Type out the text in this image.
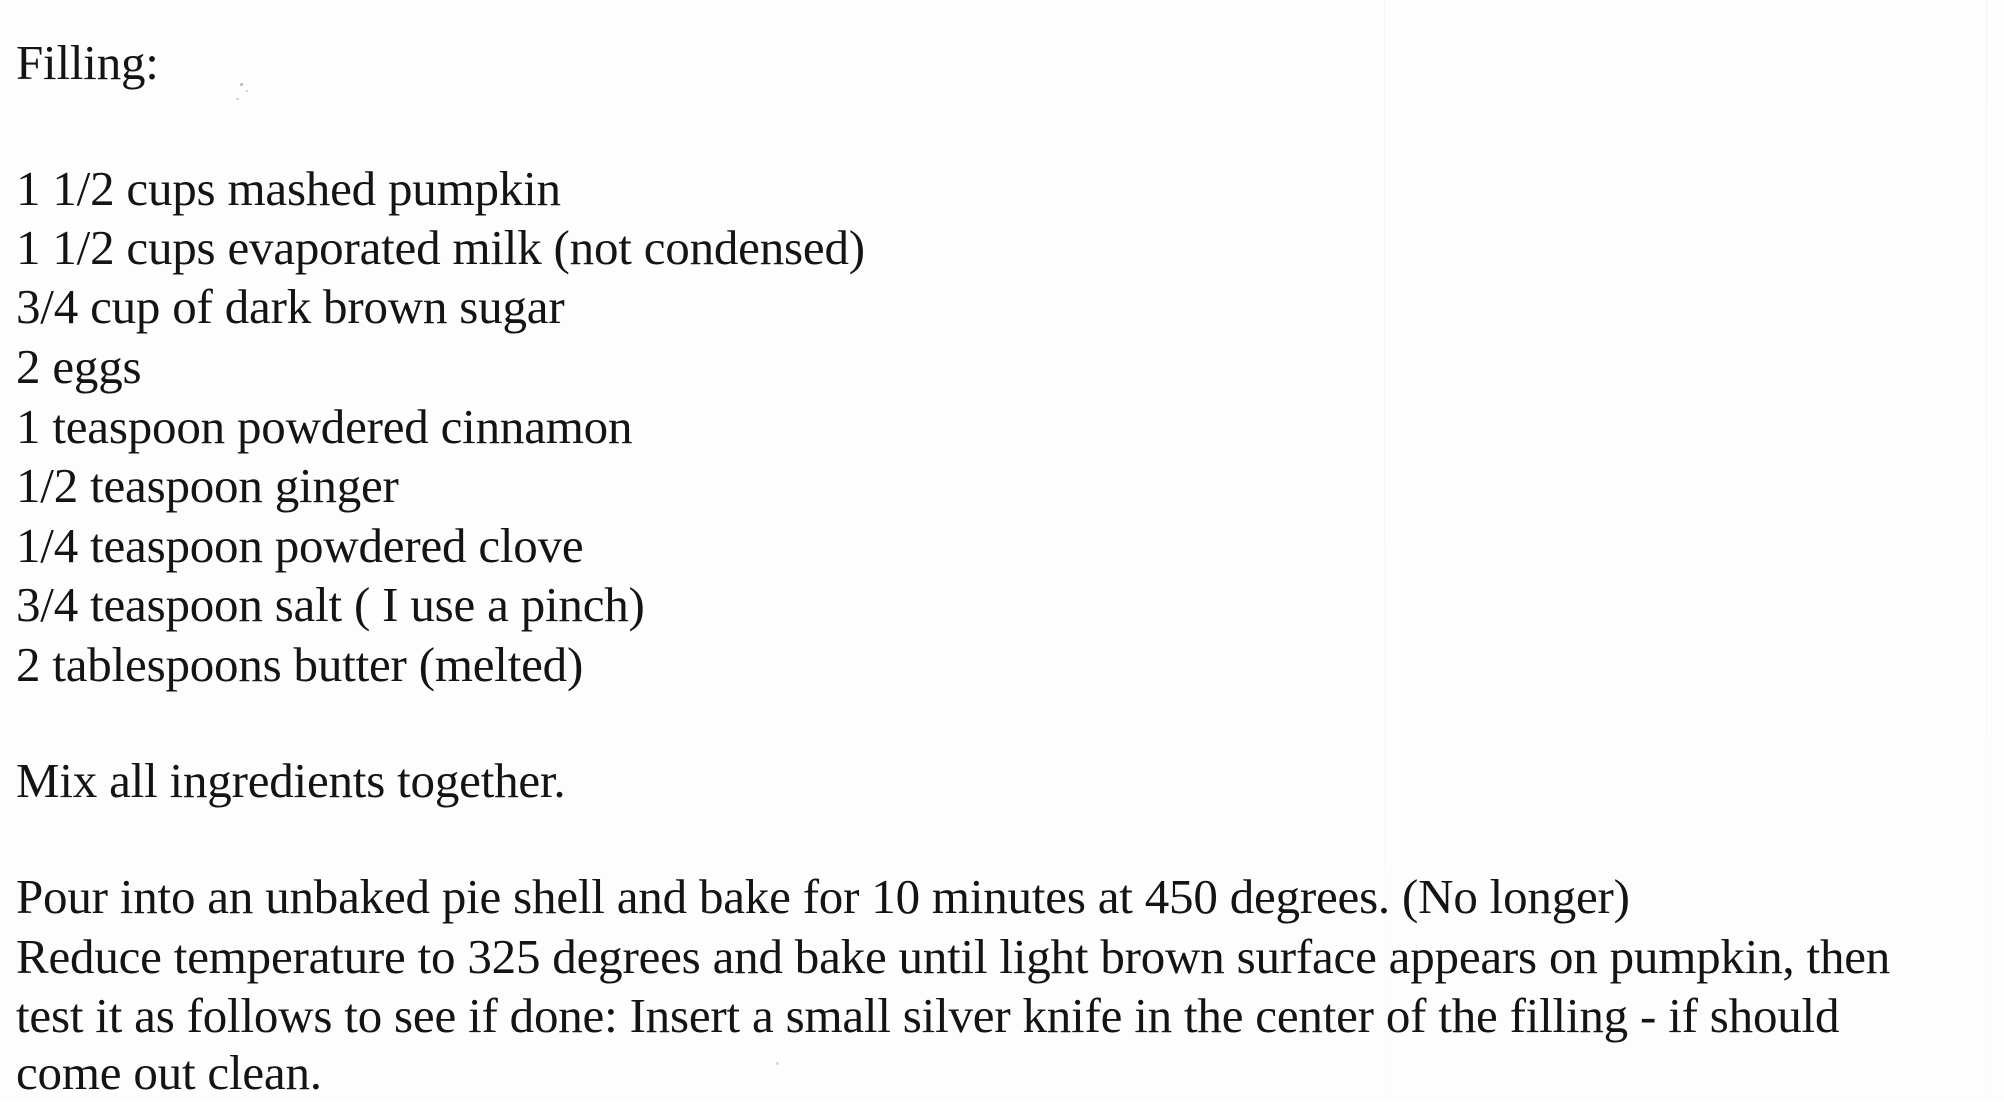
Filling:
1 1/2 cups mashed pumpkin
1 1/2 cups evaporated milk (not condensed)
3/4 cup of dark brown sugar
2 eggs
1 teaspoon powdered cinnamon
1/2 teaspoon ginger
1/4 teaspoon powdered clove
3/4 teaspoon salt ( I use a pinch)
2 tablespoons butter (melted)
Mix all ingredients together.
Pour into an unbaked pie shell and bake for 10 minutes at 450 degrees. (No longer)
Reduce temperature to 325 degrees and bake until light brown surface appears on pumpkin, then
test it as follows to see if done: Insert a small silver knife in the center of the filling - if should
come out clean.
